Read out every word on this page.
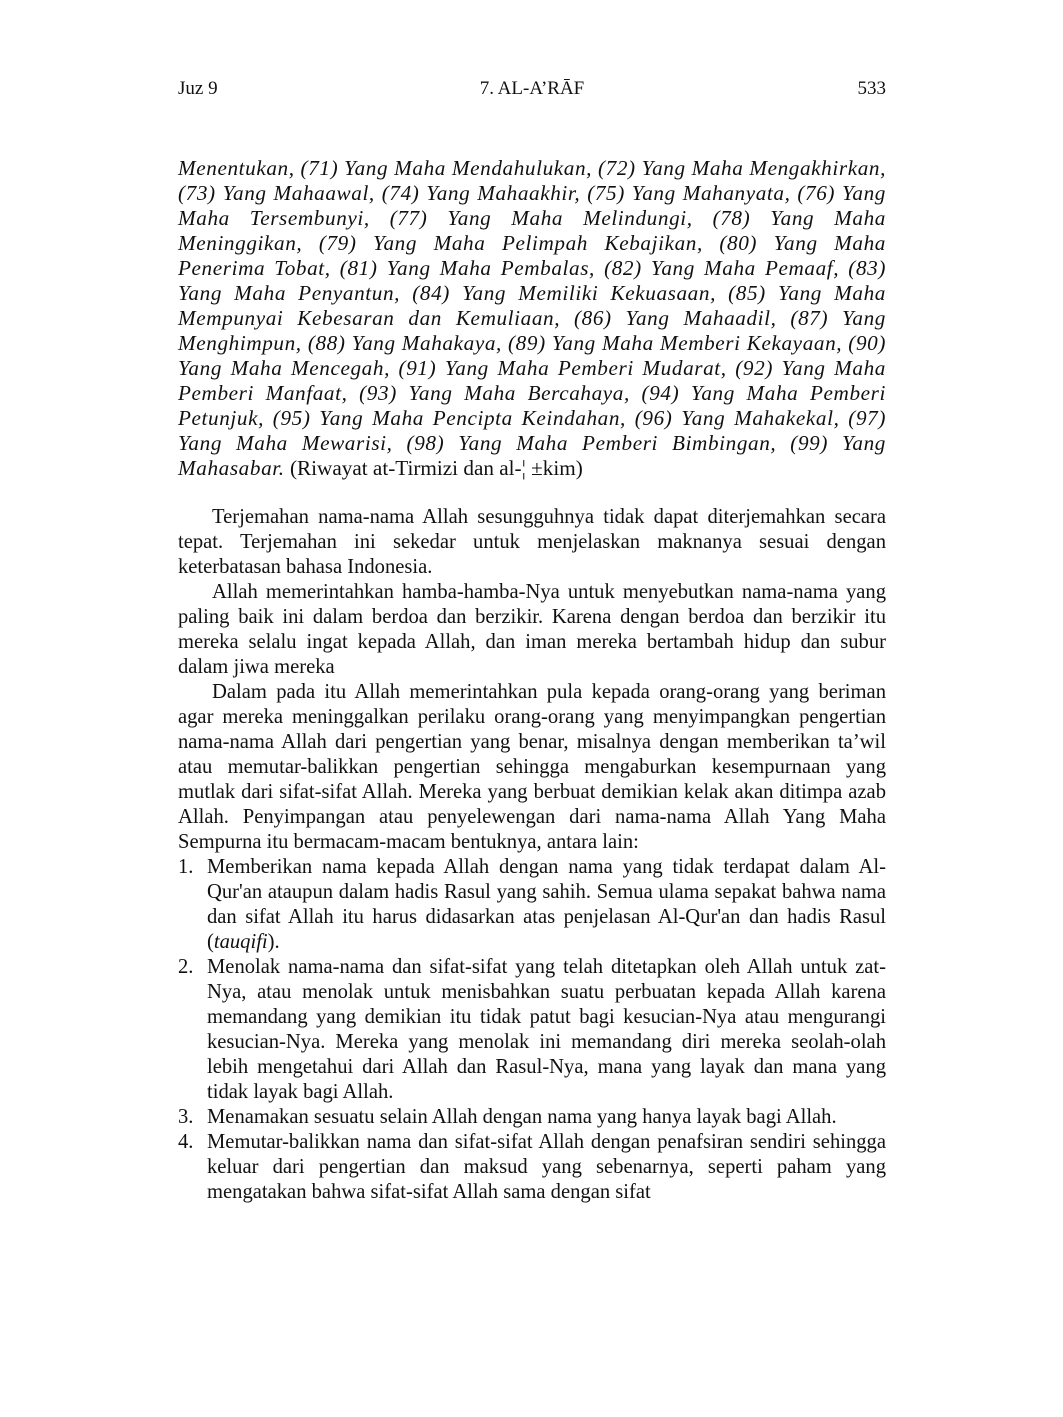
Juz 9	7. AL-A’RĀF	533
Menentukan, (71) Yang Maha Mendahulukan, (72) Yang Maha Mengakhirkan, (73) Yang Mahaawal, (74) Yang Mahaakhir, (75) Yang Mahanyata, (76) Yang Maha Tersembunyi, (77) Yang Maha Melindungi, (78) Yang Maha Meninggikan, (79) Yang Maha Pelimpah Kebajikan, (80) Yang Maha Penerima Tobat, (81) Yang Maha Pembalas, (82) Yang Maha Pemaaf, (83) Yang Maha Penyantun, (84) Yang Memiliki Kekuasaan, (85) Yang Maha Mempunyai Kebesaran dan Kemuliaan, (86) Yang Mahaadil, (87) Yang Menghimpun, (88) Yang Mahakaya, (89) Yang Maha Memberi Kekayaan, (90) Yang Maha Mencegah, (91) Yang Maha Pemberi Mudarat, (92) Yang Maha Pemberi Manfaat, (93) Yang Maha Bercahaya, (94) Yang Maha Pemberi Petunjuk, (95) Yang Maha Pencipta Keindahan, (96) Yang Mahakekal, (97) Yang Maha Mewarisi, (98) Yang Maha Pemberi Bimbingan, (99) Yang Mahasabar. (Riwayat at-Tirmizi dan al-¦ ±kim)

Terjemahan nama-nama Allah sesungguhnya tidak dapat diterjemahkan secara tepat. Terjemahan ini sekedar untuk menjelaskan maknanya sesuai dengan keterbatasan bahasa Indonesia.

Allah memerintahkan hamba-hamba-Nya untuk menyebutkan nama-nama yang paling baik ini dalam berdoa dan berzikir. Karena dengan berdoa dan berzikir itu mereka selalu ingat kepada Allah, dan iman mereka bertambah hidup dan subur dalam jiwa mereka

Dalam pada itu Allah memerintahkan pula kepada orang-orang yang beriman agar mereka meninggalkan perilaku orang-orang yang menyimpangkan pengertian nama-nama Allah dari pengertian yang benar, misalnya dengan memberikan ta’wil atau memutar-balikkan pengertian sehingga mengaburkan kesempurnaan yang mutlak dari sifat-sifat Allah. Mereka yang berbuat demikian kelak akan ditimpa azab Allah. Penyimpangan atau penyelewengan dari nama-nama Allah Yang Maha Sempurna itu bermacam-macam bentuknya, antara lain:

1. Memberikan nama kepada Allah dengan nama yang tidak terdapat dalam Al-Qur'an ataupun dalam hadis Rasul yang sahih. Semua ulama sepakat bahwa nama dan sifat Allah itu harus didasarkan atas penjelasan Al-Qur'an dan hadis Rasul (tauqifi).
2. Menolak nama-nama dan sifat-sifat yang telah ditetapkan oleh Allah untuk zat-Nya, atau menolak untuk menisbahkan suatu perbuatan kepada Allah karena memandang yang demikian itu tidak patut bagi kesucian-Nya atau mengurangi kesucian-Nya. Mereka yang menolak ini memandang diri mereka seolah-olah lebih mengetahui dari Allah dan Rasul-Nya, mana yang layak dan mana yang tidak layak bagi Allah.
3. Menamakan sesuatu selain Allah dengan nama yang hanya layak bagi Allah.
4. Memutar-balikkan nama dan sifat-sifat Allah dengan penafsiran sendiri sehingga keluar dari pengertian dan maksud yang sebenarnya, seperti paham yang mengatakan bahwa sifat-sifat Allah sama dengan sifat
